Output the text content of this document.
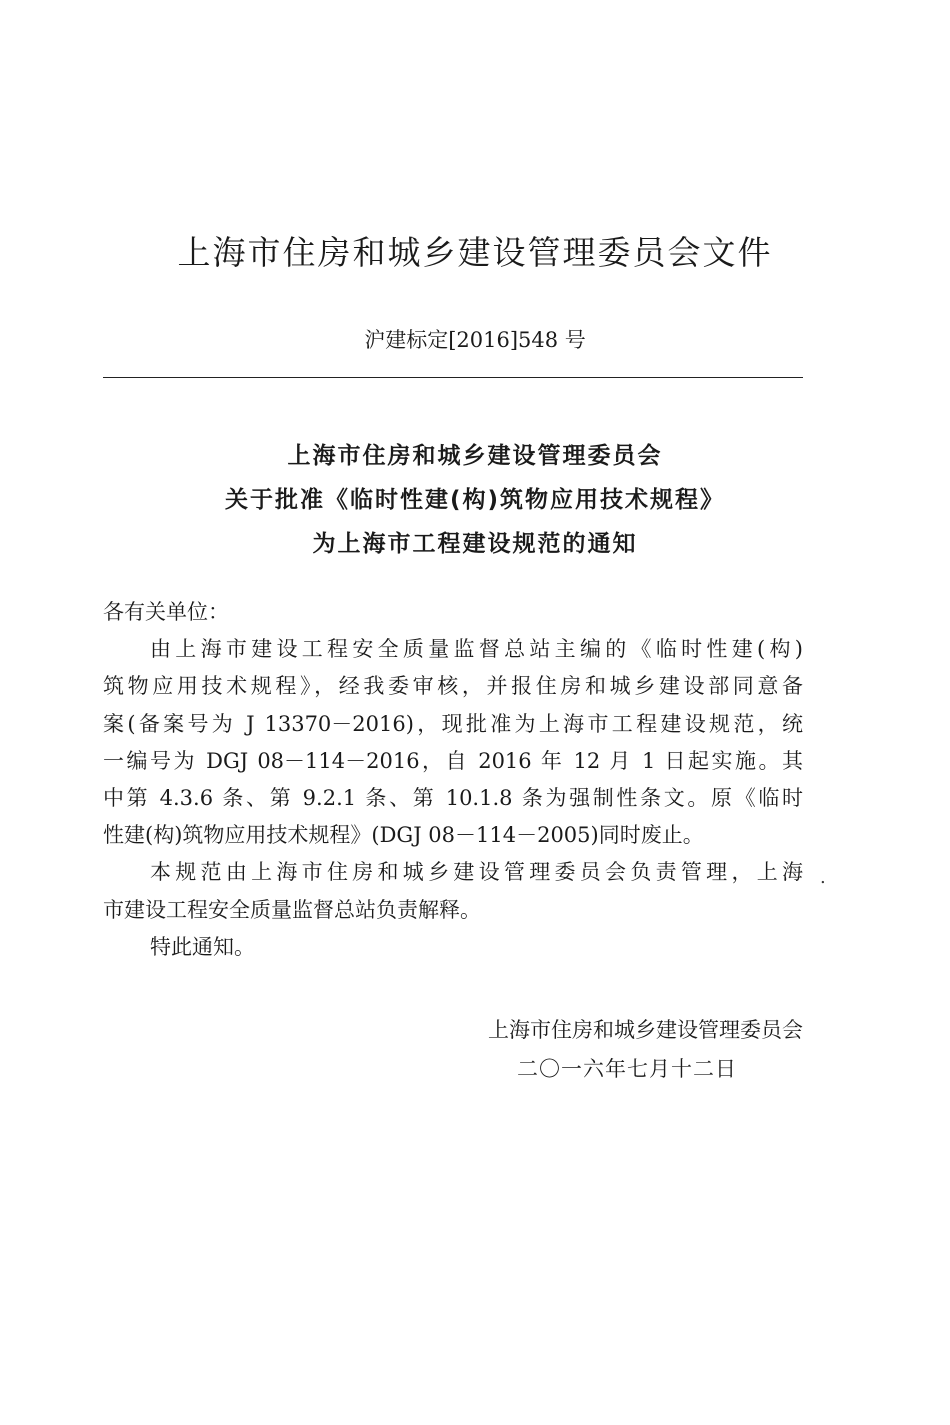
上海市住房和城乡建设管理委员会文件
沪建标定[2016]548 号
上海市住房和城乡建设管理委员会
关于批准《临时性建(构)筑物应用技术规程》
为上海市工程建设规范的通知
各有关单位：
由上海市建设工程安全质量监督总站主编的《临时性建(构)
筑物应用技术规程》，经我委审核，并报住房和城乡建设部同意备
案(备案号为 J 13370－2016)，现批准为上海市工程建设规范，统
一编号为 DGJ 08－114－2016，自 2016 年 12 月 1 日起实施。其
中第 4.3.6 条、第 9.2.1 条、第 10.1.8 条为强制性条文。原《临时
性建(构)筑物应用技术规程》(DGJ 08－114－2005)同时废止。
本规范由上海市住房和城乡建设管理委员会负责管理，上海
市建设工程安全质量监督总站负责解释。
特此通知。
.
上海市住房和城乡建设管理委员会
二〇一六年七月十二日
